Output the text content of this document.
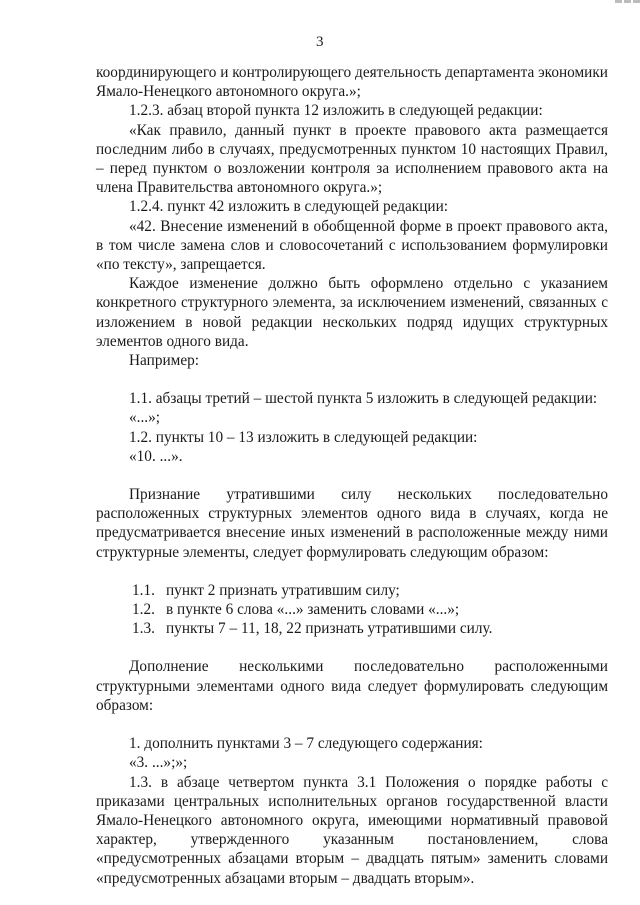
3

координирующего и контролирующего деятельность департамента экономики Ямало-Ненецкого автономного округа.»;

1.2.3. абзац второй пункта 12 изложить в следующей редакции:

«Как правило, данный пункт в проекте правового акта размещается последним либо в случаях, предусмотренных пунктом 10 настоящих Правил, – перед пунктом о возложении контроля за исполнением правового акта на члена Правительства автономного округа.»;

1.2.4. пункт 42 изложить в следующей редакции:

«42. Внесение изменений в обобщенной форме в проект правового акта, в том числе замена слов и словосочетаний с использованием формулировки «по тексту», запрещается.

Каждое изменение должно быть оформлено отдельно с указанием конкретного структурного элемента, за исключением изменений, связанных с изложением в новой редакции нескольких подряд идущих структурных элементов одного вида.

Например:

1.1. абзацы третий – шестой пункта 5 изложить в следующей редакции:

«...»;

1.2. пункты 10 – 13 изложить в следующей редакции:

«10. ...».

Признание утратившими силу нескольких последовательно расположенных структурных элементов одного вида в случаях, когда не предусматривается внесение иных изменений в расположенные между ними структурные элементы, следует формулировать следующим образом:

1.1. пункт 2 признать утратившим силу;
1.2. в пункте 6 слова «...» заменить словами «...»;
1.3. пункты 7 – 11, 18, 22 признать утратившими силу.

Дополнение несколькими последовательно расположенными структурными элементами одного вида следует формулировать следующим образом:

1. дополнить пунктами 3 – 7 следующего содержания:

«3. ...»;»;

1.3. в абзаце четвертом пункта 3.1 Положения о порядке работы с приказами центральных исполнительных органов государственной власти Ямало-Ненецкого автономного округа, имеющими нормативный правовой характер, утвержденного указанным постановлением, слова «предусмотренных абзацами вторым – двадцать пятым» заменить словами «предусмотренных абзацами вторым – двадцать вторым».
